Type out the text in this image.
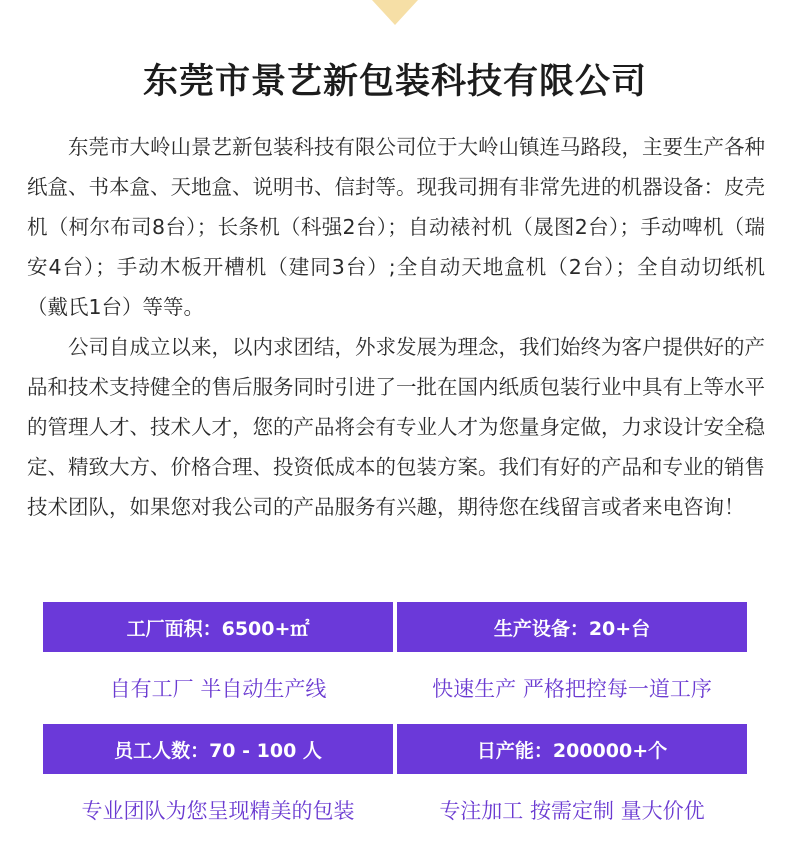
东莞市景艺新包装科技有限公司

东莞市大岭山景艺新包装科技有限公司位于大岭山镇连马路段，主要生产各种纸盒、书本盒、天地盒、说明书、信封等。现我司拥有非常先进的机器设备：皮壳机（柯尔布司8台）；长条机（科强2台）；自动裱衬机（晟图2台）；手动啤机（瑞安4台）；手动木板开槽机（建同3台）;全自动天地盒机（2台）；全自动切纸机（戴氏1台）等等。

公司自成立以来，以内求团结，外求发展为理念，我们始终为客户提供好的产品和技术支持健全的售后服务同时引进了一批在国内纸质包装行业中具有上等水平的管理人才、技术人才，您的产品将会有专业人才为您量身定做，力求设计安全稳定、精致大方、价格合理、投资低成本的包装方案。我们有好的产品和专业的销售技术团队，如果您对我公司的产品服务有兴趣，期待您在线留言或者来电咨询！

工厂面积：6500+㎡	生产设备：20+台
自有工厂 半自动生产线	快速生产 严格把控每一道工序
员工人数：70 - 100 人	日产能：200000+个
专业团队为您呈现精美的包装	专注加工 按需定制 量大价优
